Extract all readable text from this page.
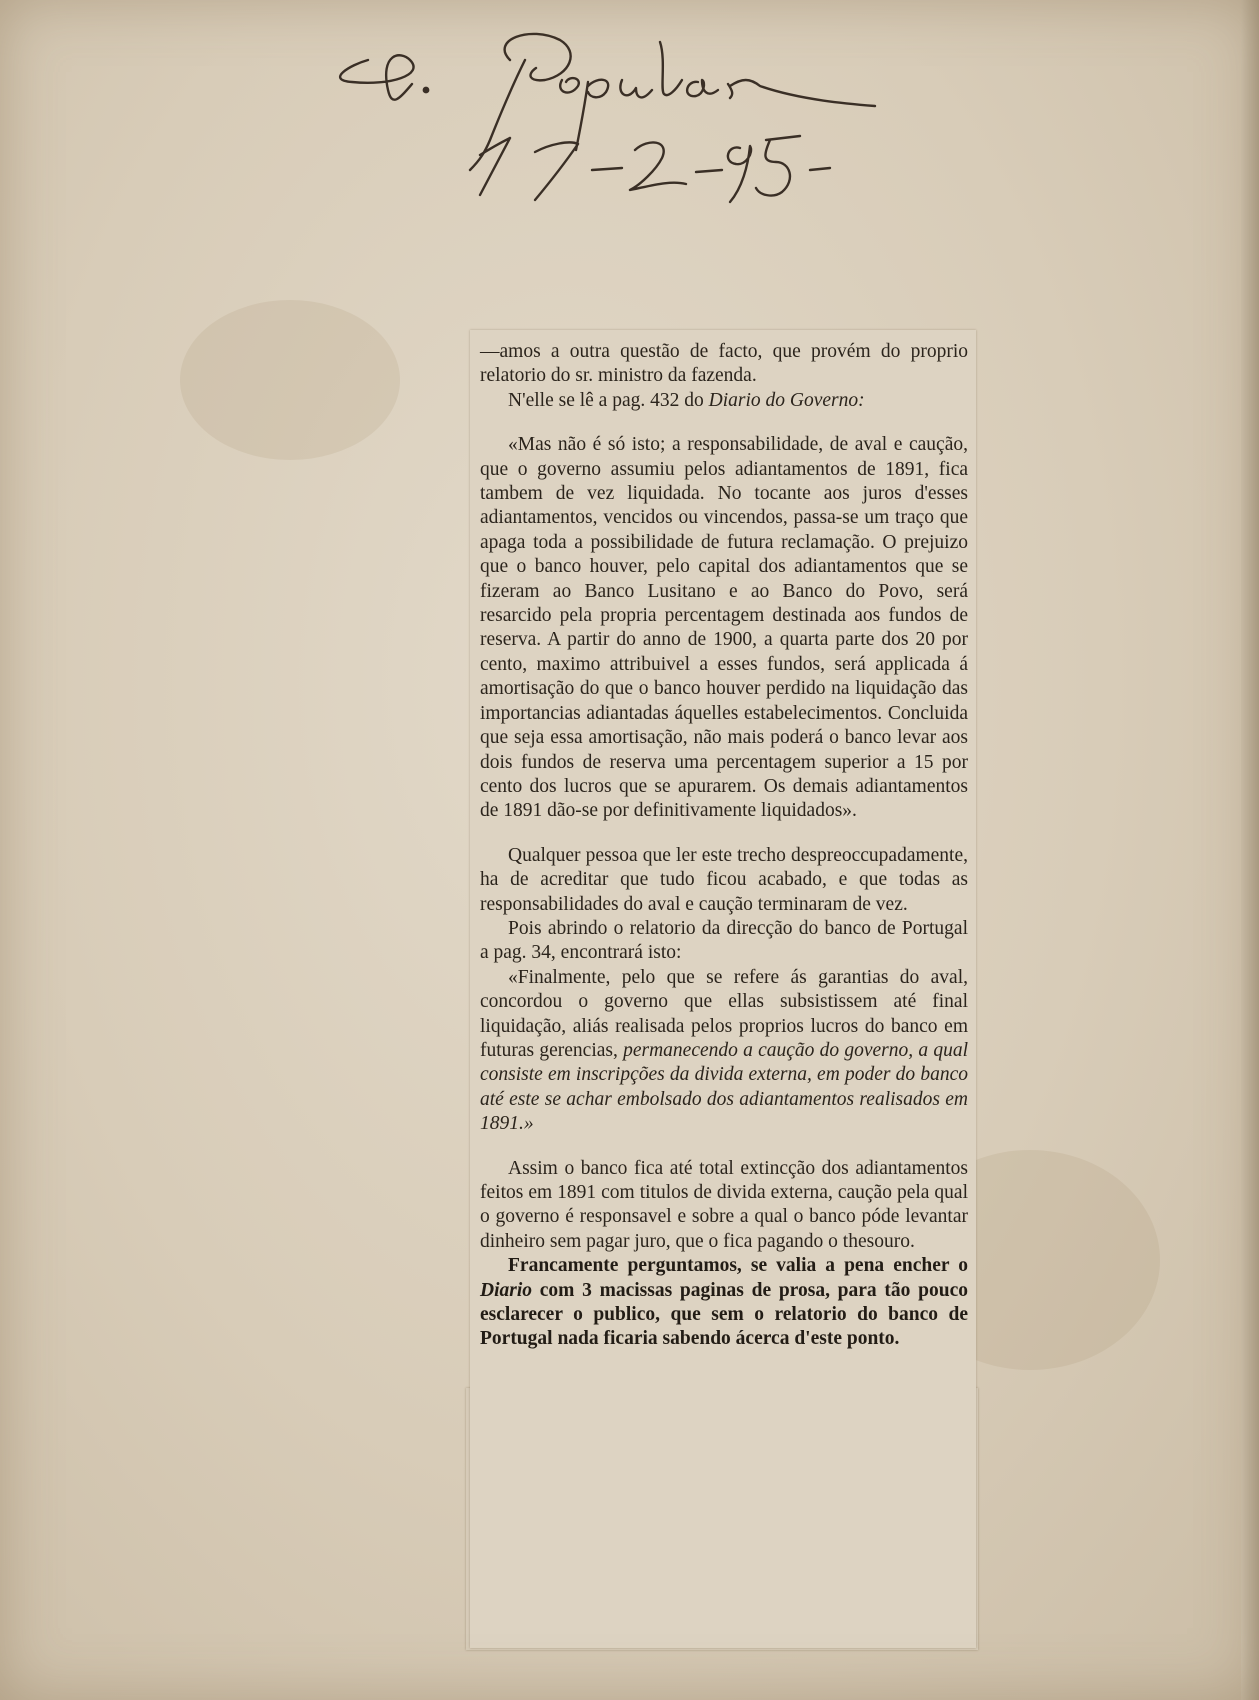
—amos a outra questão de facto, que provém do proprio relatorio do sr. ministro da fazenda.

N'elle se lê a pag. 432 do Diario do Governo:

«Mas não é só isto; a responsabilidade, de aval e caução, que o governo assumiu pelos adiantamentos de 1891, fica tambem de vez liquidada. No tocante aos juros d'esses adiantamentos, vencidos ou vincendos, passa-se um traço que apaga toda a possibilidade de futura reclamação. O prejuizo que o banco houver, pelo capital dos adiantamentos que se fizeram ao Banco Lusitano e ao Banco do Povo, será resarcido pela propria percentagem destinada aos fundos de reserva. A partir do anno de 1900, a quarta parte dos 20 por cento, maximo attribuivel a esses fundos, será applicada á amortisação do que o banco houver perdido na liquidação das importancias adiantadas áquelles estabelecimentos. Concluida que seja essa amortisação, não mais poderá o banco levar aos dois fundos de reserva uma percentagem superior a 15 por cento dos lucros que se apurarem. Os demais adiantamentos de 1891 dão-se por definitivamente liquidados».

Qualquer pessoa que ler este trecho despreoccupadamente, ha de acreditar que tudo ficou acabado, e que todas as responsabilidades do aval e caução terminaram de vez.

Pois abrindo o relatorio da direcção do banco de Portugal a pag. 34, encontrará isto:

«Finalmente, pelo que se refere ás garantias do aval, concordou o governo que ellas subsistissem até final liquidação, aliás realisada pelos proprios lucros do banco em futuras gerencias, permanecendo a caução do governo, a qual consiste em inscripções da divida externa, em poder do banco até este se achar embolsado dos adiantamentos realisados em 1891.»

Assim o banco fica até total extincção dos adiantamentos feitos em 1891 com titulos de divida externa, caução pela qual o governo é responsavel e sobre a qual o banco póde levantar dinheiro sem pagar juro, que o fica pagando o thesouro.

Francamente perguntamos, se valia a pena encher o Diario com 3 macissas paginas de prosa, para tão pouco esclarecer o publico, que sem o relatorio do banco de Portugal nada ficaria sabendo ácerca d'este ponto.
